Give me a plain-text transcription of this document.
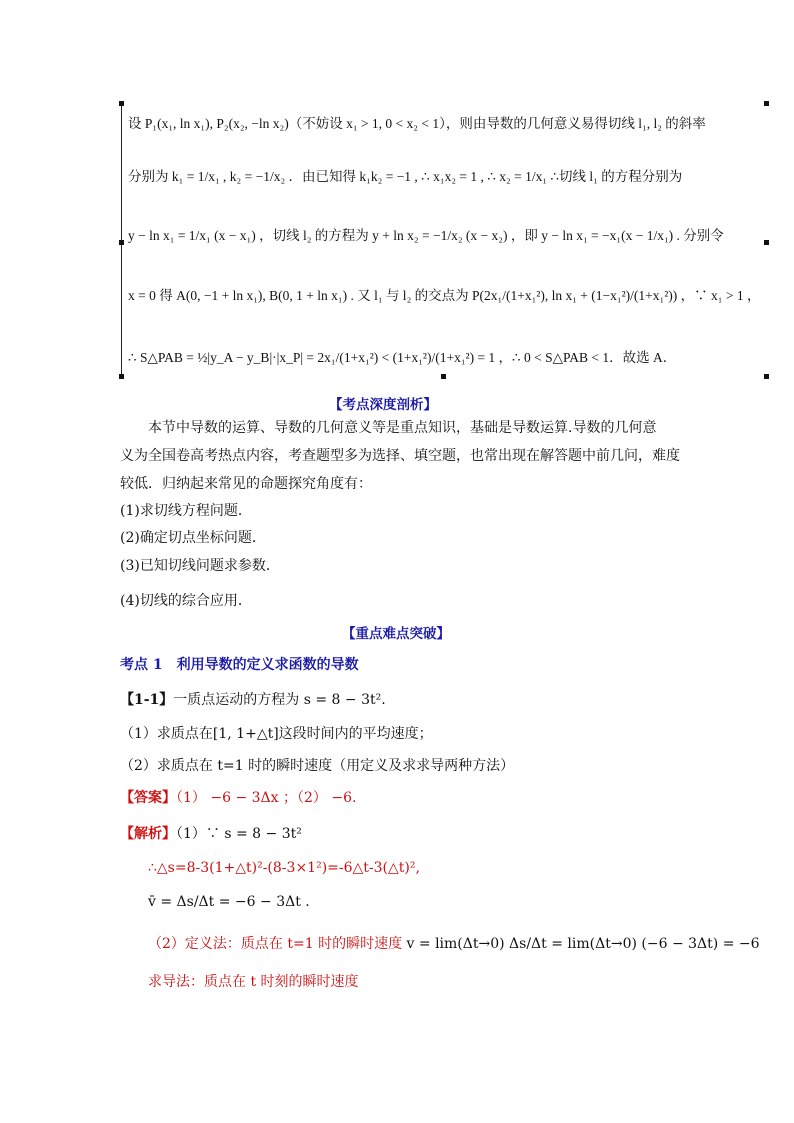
设 P₁(x₁, ln x₁), P₂(x₂, −ln x₂)（不妨设 x₁ > 1, 0 < x₂ < 1），则由导数的几何意义易得切线 l₁, l₂ 的斜率
分别为 k₁ = 1/x₁ , k₂ = −1/x₂ ．由已知得 k₁k₂ = −1 , ∴ x₁x₂ = 1 , ∴ x₂ = 1/x₁ ∴切线 l₁ 的方程分别为
y − ln x₁ = 1/x₁ (x − x₁) ，切线 l₂ 的方程为 y + ln x₂ = −1/x₂ (x − x₂) ，即 y − ln x₁ = −x₁(x − 1/x₁) . 分别令
x = 0 得 A(0, −1 + ln x₁), B(0, 1 + ln x₁) . 又 l₁ 与 l₂ 的交点为 P(2x₁/(1+x₁²), ln x₁ + (1−x₁²)/(1+x₁²)) ，∵ x₁ > 1 ，
∴ S△PAB = ½|y_A − y_B|·|x_P| = 2x₁/(1+x₁²) < (1+x₁²)/(1+x₁²) = 1 ，∴ 0 < S△PAB < 1．故选 A．
【考点深度剖析】
本节中导数的运算、导数的几何意义等是重点知识，基础是导数运算.导数的几何意
义为全国卷高考热点内容，考查题型多为选择、填空题，也常出现在解答题中前几问，难度
较低．归纳起来常见的命题探究角度有：
(1)求切线方程问题．
(2)确定切点坐标问题．
(3)已知切线问题求参数．
(4)切线的综合应用．
【重点难点突破】
考点 1　利用导数的定义求函数的导数
【1-1】一质点运动的方程为 s = 8 − 3t².
（1）求质点在[1, 1+△t]这段时间内的平均速度；
（2）求质点在 t=1 时的瞬时速度（用定义及求求导两种方法）
【答案】（1） −6 − 3Δx ；（2） −6.
【解析】（1）∵ s = 8 − 3t²
∴△s=8-3(1+△t)²-(8-3×1²)=-6△t-3(△t)²,
v̄ = Δs/Δt = −6 − 3Δt .
（2）定义法：质点在 t=1 时的瞬时速度 v = lim(Δt→0) Δs/Δt = lim(Δt→0) (−6 − 3Δt) = −6
求导法：质点在 t 时刻的瞬时速度
